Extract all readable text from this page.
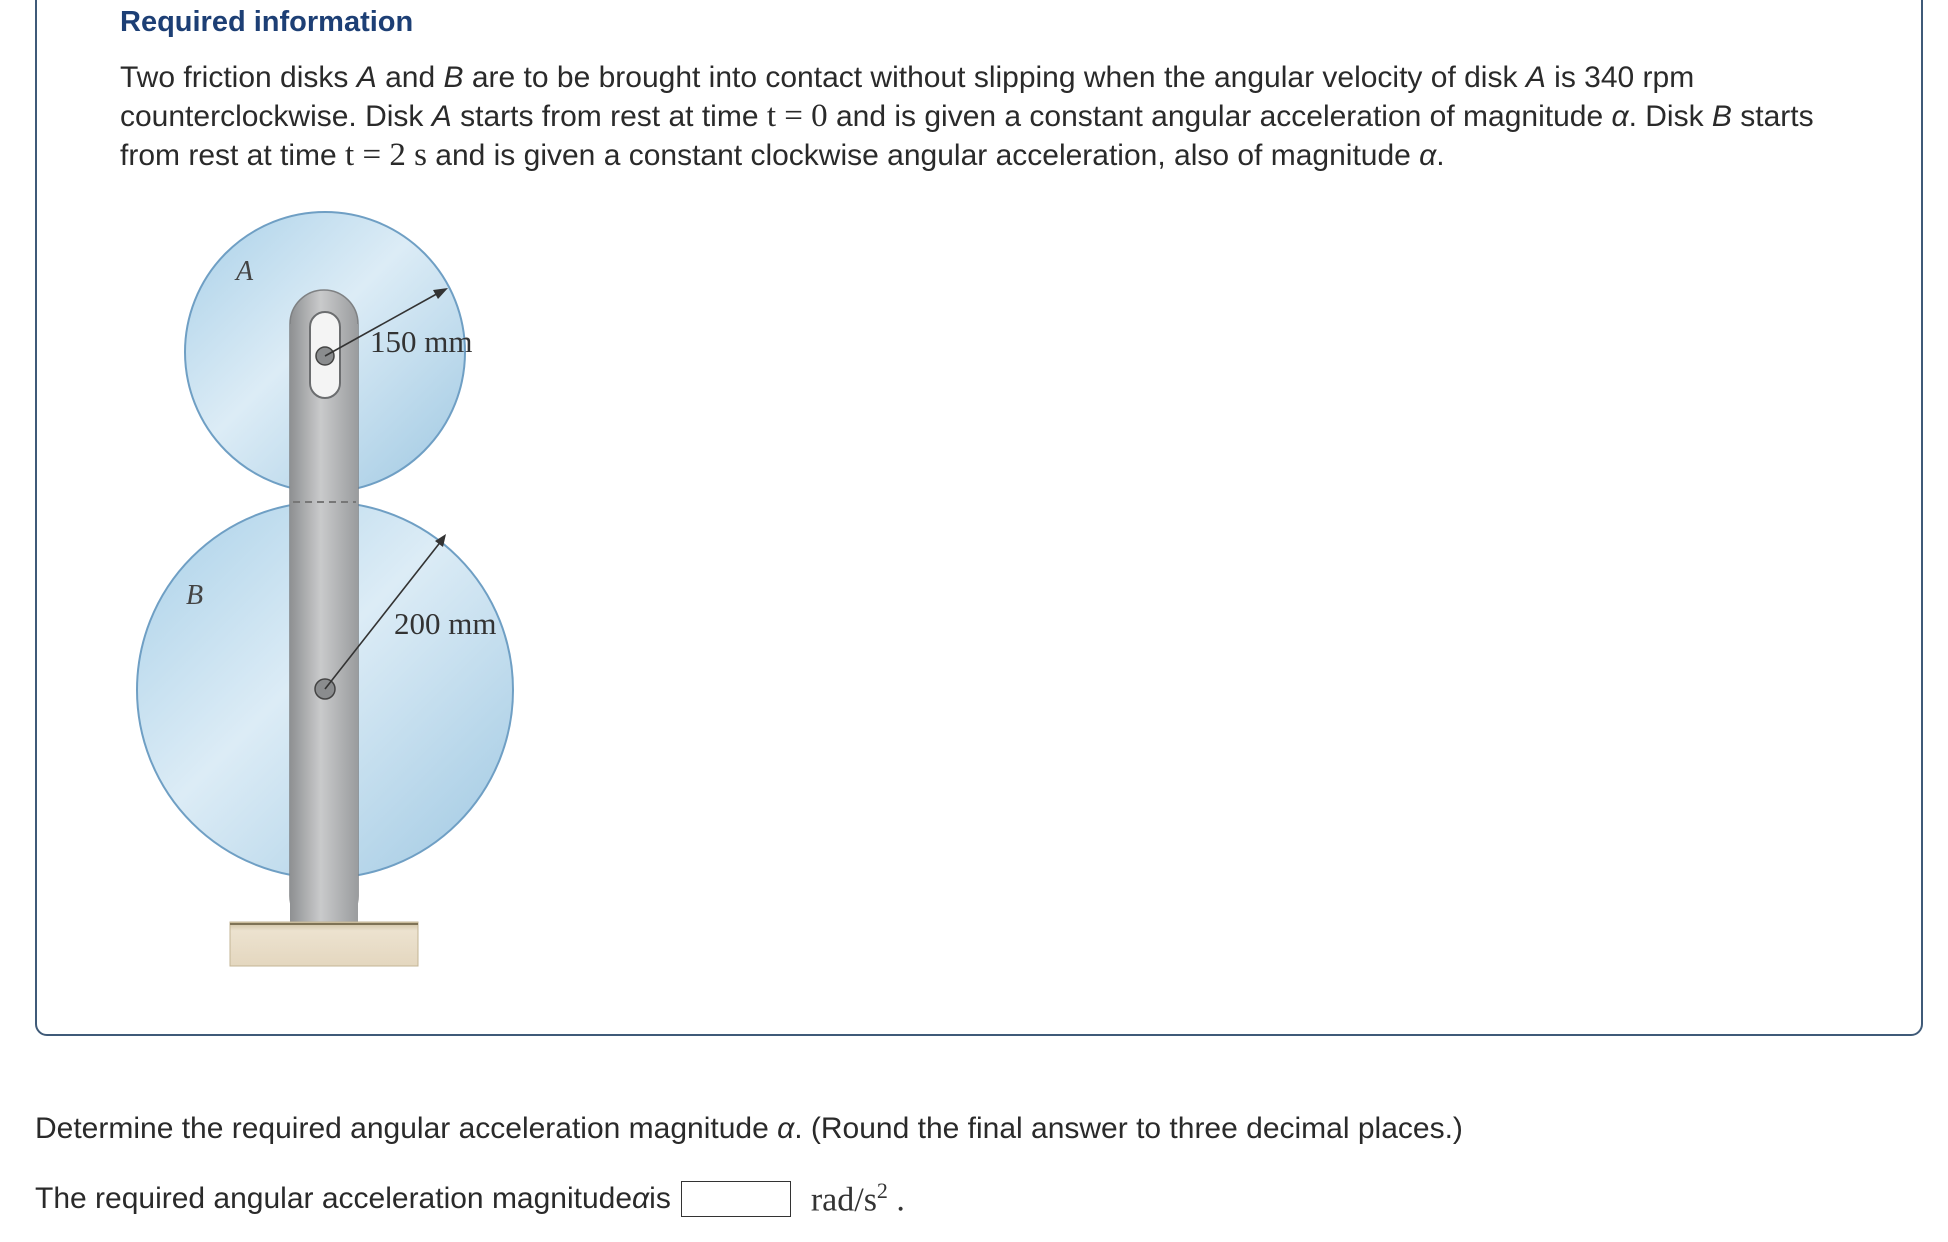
Required information

Two friction disks A and B are to be brought into contact without slipping when the angular velocity of disk A is 340 rpm counterclockwise. Disk A starts from rest at time t = 0 and is given a constant angular acceleration of magnitude α. Disk B starts from rest at time t = 2 s and is given a constant clockwise angular acceleration, also of magnitude α.

A
B
150 mm
200 mm

Determine the required angular acceleration magnitude α. (Round the final answer to three decimal places.)

The required angular acceleration magnitude α is	rad/$s^2$ .
